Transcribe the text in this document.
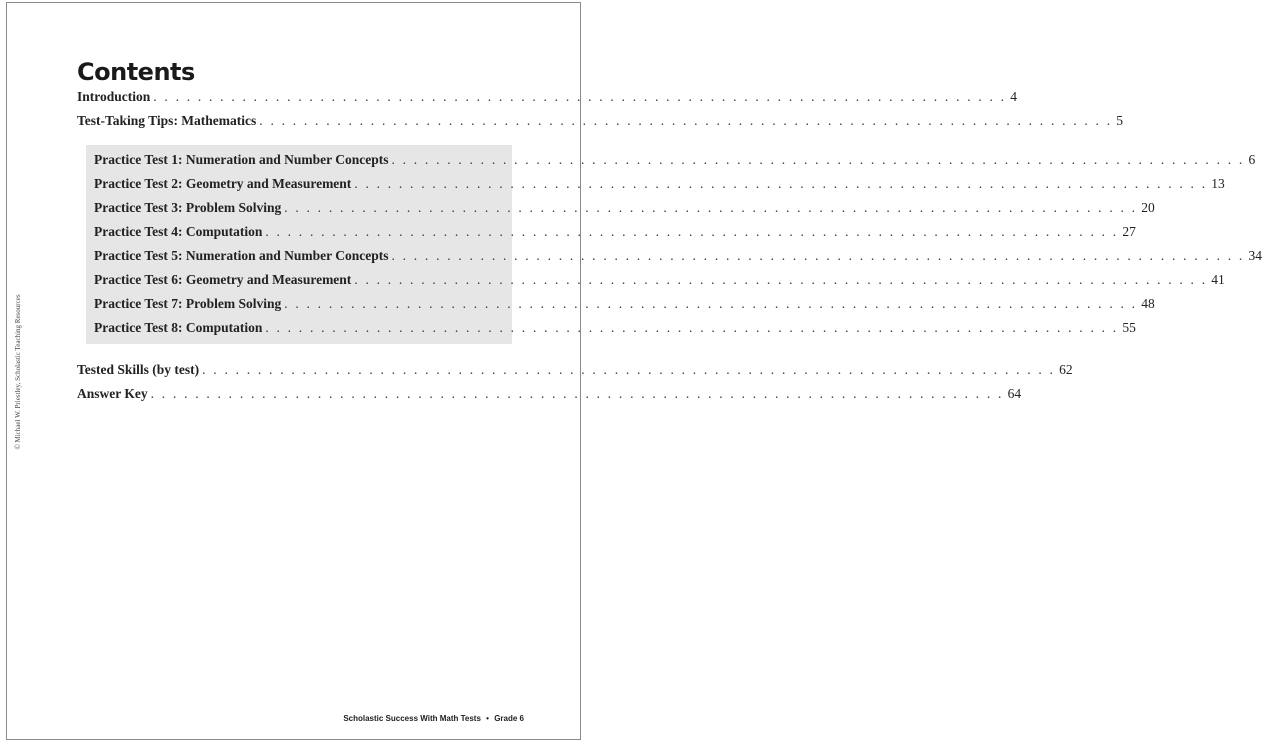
Contents
Introduction . . . . . . . . . . . . . . . . . . . . . . . . . . . . . . . . . . . . . . . . . . . . . . . . . . . . . . . . . . . . . . . . . . . . . . . . . . . . . 4
Test-Taking Tips: Mathematics . . . . . . . . . . . . . . . . . . . . . . . . . . . . . . . . . . . . . . . . . . . . . . . . . . . . . . . . . . . . . . . . . . . . . . . . . . . . . 5
Practice Test 1: Numeration and Number Concepts . . . . . . . . . . . . . . . . . . . . . . . . . . . . . . . . . . . . . . . . . . . . . . . . . . . . . . . . . . . . . . . . . . . . . . . . . . . . . 6
Practice Test 2: Geometry and Measurement . . . . . . . . . . . . . . . . . . . . . . . . . . . . . . . . . . . . . . . . . . . . . . . . . . . . . . . . . . . . . . . . . . . . . . . . . . . . . 13
Practice Test 3: Problem Solving . . . . . . . . . . . . . . . . . . . . . . . . . . . . . . . . . . . . . . . . . . . . . . . . . . . . . . . . . . . . . . . . . . . . . . . . . . . . . 20
Practice Test 4: Computation . . . . . . . . . . . . . . . . . . . . . . . . . . . . . . . . . . . . . . . . . . . . . . . . . . . . . . . . . . . . . . . . . . . . . . . . . . . . . 27
Practice Test 5: Numeration and Number Concepts . . . . . . . . . . . . . . . . . . . . . . . . . . . . . . . . . . . . . . . . . . . . . . . . . . . . . . . . . . . . . . . . . . . . . . . . . . . . . 34
Practice Test 6: Geometry and Measurement . . . . . . . . . . . . . . . . . . . . . . . . . . . . . . . . . . . . . . . . . . . . . . . . . . . . . . . . . . . . . . . . . . . . . . . . . . . . . 41
Practice Test 7: Problem Solving . . . . . . . . . . . . . . . . . . . . . . . . . . . . . . . . . . . . . . . . . . . . . . . . . . . . . . . . . . . . . . . . . . . . . . . . . . . . . 48
Practice Test 8: Computation . . . . . . . . . . . . . . . . . . . . . . . . . . . . . . . . . . . . . . . . . . . . . . . . . . . . . . . . . . . . . . . . . . . . . . . . . . . . . 55
Tested Skills (by test) . . . . . . . . . . . . . . . . . . . . . . . . . . . . . . . . . . . . . . . . . . . . . . . . . . . . . . . . . . . . . . . . . . . . . . . . . . . . . 62
Answer Key . . . . . . . . . . . . . . . . . . . . . . . . . . . . . . . . . . . . . . . . . . . . . . . . . . . . . . . . . . . . . . . . . . . . . . . . . . . . . 64
© Michael W. Priestley, Scholastic Teaching Resources
Scholastic Success With Math Tests • Grade 6
